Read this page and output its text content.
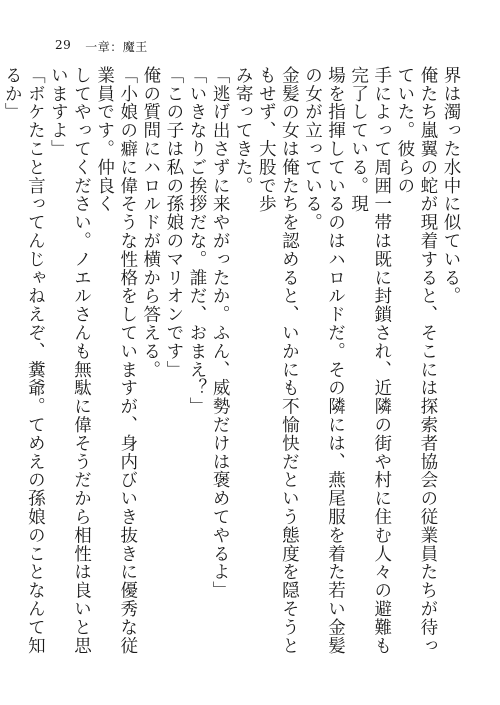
29 一章：魔王

界は濁った水中に似ている。

俺たち嵐翼の蛇が現着すると、そこには探索者協会の従業員たちが待っていた。彼らの

手によって周囲一帯は既に封鎖され、近隣の街や村に住む人々の避難も完了している。現

場を指揮しているのはハロルドだ。その隣には、燕尾服を着た若い金髪の女が立っている。

金髪の女は俺たちを認めると、いかにも不愉快だという態度を隠そうともせず、大股で歩

み寄ってきた。

「逃げ出さずに来やがったか。ふん、威勢だけは褒めてやるよ」

「いきなりご挨拶だな。誰だ、おまえ？」

「この子は私の孫娘のマリオンです」

俺の質問にハロルドが横から答える。

「小娘の癖に偉そうな性格をしていますが、身内びいき抜きに優秀な従業員です。仲良く

してやってください。ノエルさんも無駄に偉そうだから相性は良いと思いますよ」

「ボケたこと言ってんじゃねえぞ、糞爺。てめえの孫娘のことなんて知るか」
